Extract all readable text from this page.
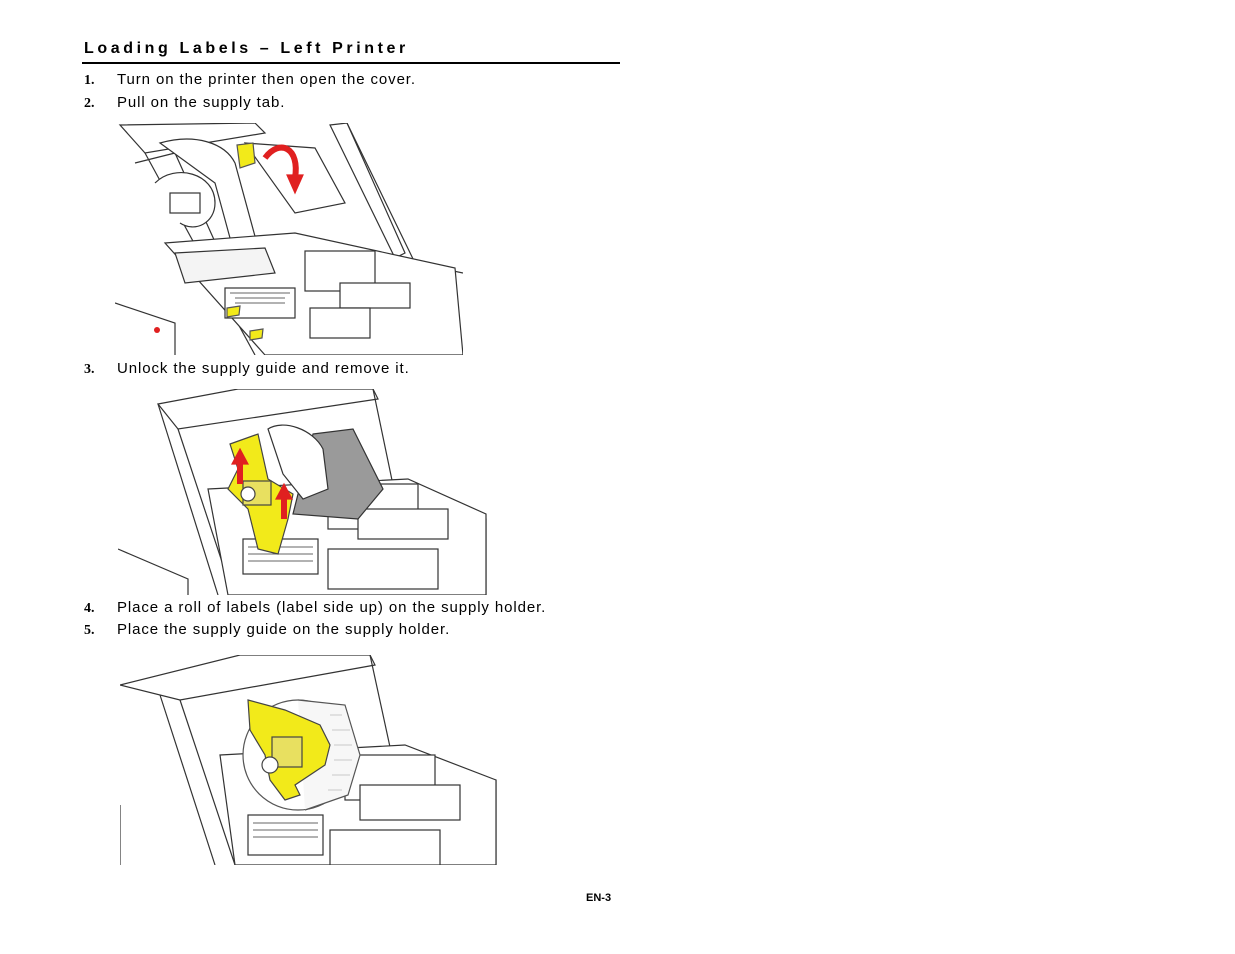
Loading Labels – Left Printer
1. Turn on the printer then open the cover.
2. Pull on the supply tab.
3. Unlock the supply guide and remove it.
4. Place a roll of labels (label side up) on the supply holder.
5. Place the supply guide on the supply holder.
EN-3
